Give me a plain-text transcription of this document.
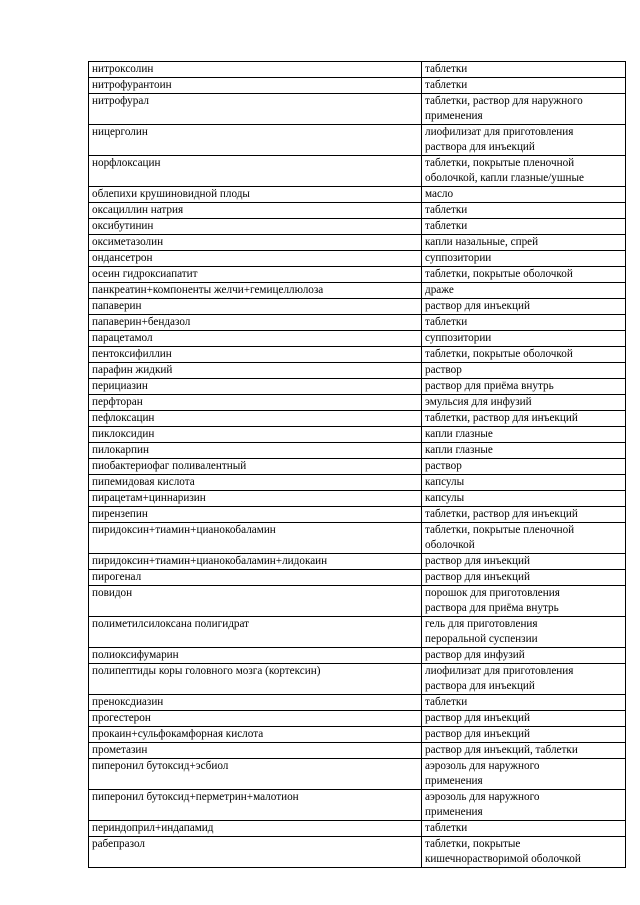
нитроксолин	таблетки

нитрофурантоин	таблетки

нитрофурал	таблетки, раствор для наружного
применения

ницерголин	лиофилизат для приготовления
раствора для инъекций

норфлоксацин	таблетки, покрытые пленочной
оболочкой, капли глазные/ушные

облепихи крушиновидной плоды	масло

оксациллин натрия	таблетки

оксибутинин	таблетки

оксиметазолин	капли назальные, спрей

ондансетрон	суппозитории

осеин гидроксиапатит	таблетки, покрытые оболочкой

панкреатин+компоненты желчи+гемицеллюлоза	драже

папаверин	раствор для инъекций

папаверин+бендазол	таблетки

парацетамол	суппозитории

пентоксифиллин	таблетки, покрытые оболочкой

парафин жидкий	раствор

перициазин	раствор для приёма внутрь

перфторан	эмульсия для инфузий

пефлоксацин	таблетки, раствор для инъекций

пиклоксидин	капли глазные

пилокарпин	капли глазные

пиобактериофаг поливалентный	раствор

пипемидовая кислота	капсулы

пирацетам+циннаризин	капсулы

пирензепин	таблетки, раствор для инъекций

пиридоксин+тиамин+цианокобаламин	таблетки, покрытые пленочной
оболочкой

пиридоксин+тиамин+цианокобаламин+лидокаин	раствор для инъекций

пирогенал	раствор для инъекций

повидон	порошок для приготовления
раствора для приёма внутрь

полиметилсилоксана полигидрат	гель для приготовления
пероральной суспензии

полиоксифумарин	раствор для инфузий

полипептиды коры головного мозга (кортексин)	лиофилизат для приготовления
раствора для инъекций

преноксдиазин	таблетки

прогестерон	раствор для инъекций

прокаин+сульфокамфорная кислота	раствор для инъекций

прометазин	раствор для инъекций, таблетки

пиперонил бутоксид+эсбиол	аэрозоль для наружного
применения

пиперонил бутоксид+перметрин+малотион	аэрозоль для наружного
применения

периндоприл+индапамид	таблетки

рабепразол	таблетки, покрытые
кишечнорастворимой оболочкой
